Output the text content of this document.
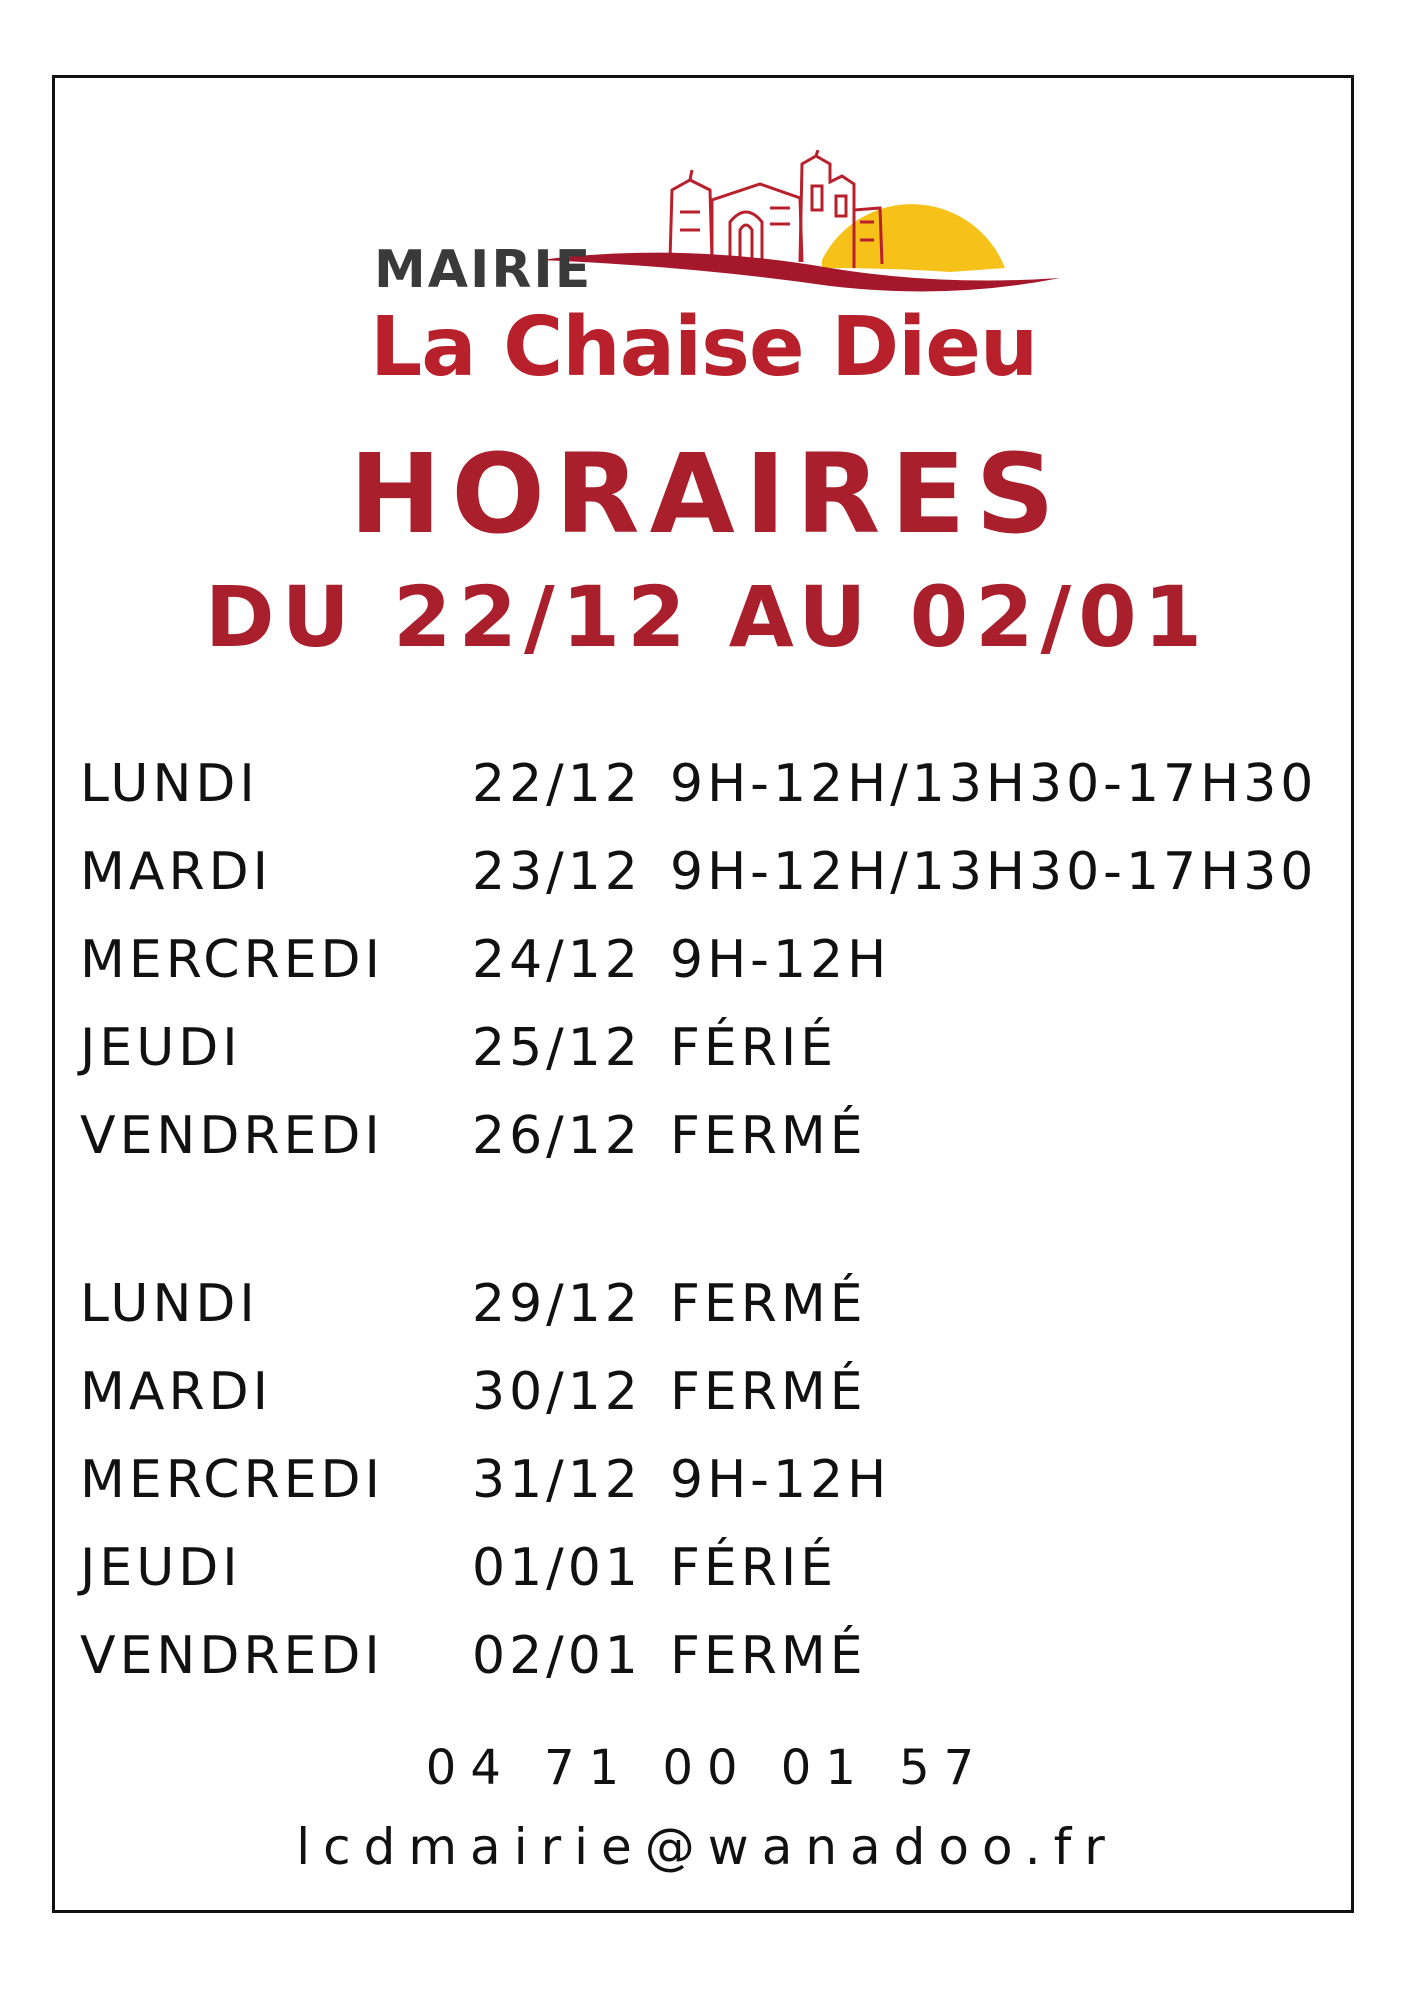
MAIRIE
La Chaise Dieu
HORAIRES
DU 22/12 AU 02/01
LUNDI	22/12 9H-12H/13H30-17H30
MARDI	23/12 9H-12H/13H30-17H30
MERCREDI 24/12 9H-12H
JEUDI	25/12 FÉRIÉ
VENDREDI 26/12 FERMÉ
LUNDI	29/12 FERMÉ
MARDI	30/12 FERMÉ
MERCREDI 31/12 9H-12H
JEUDI	01/01 FÉRIÉ
VENDREDI 02/01 FERMÉ
04 71 00 01 57
lcdmairie@wanadoo.fr
